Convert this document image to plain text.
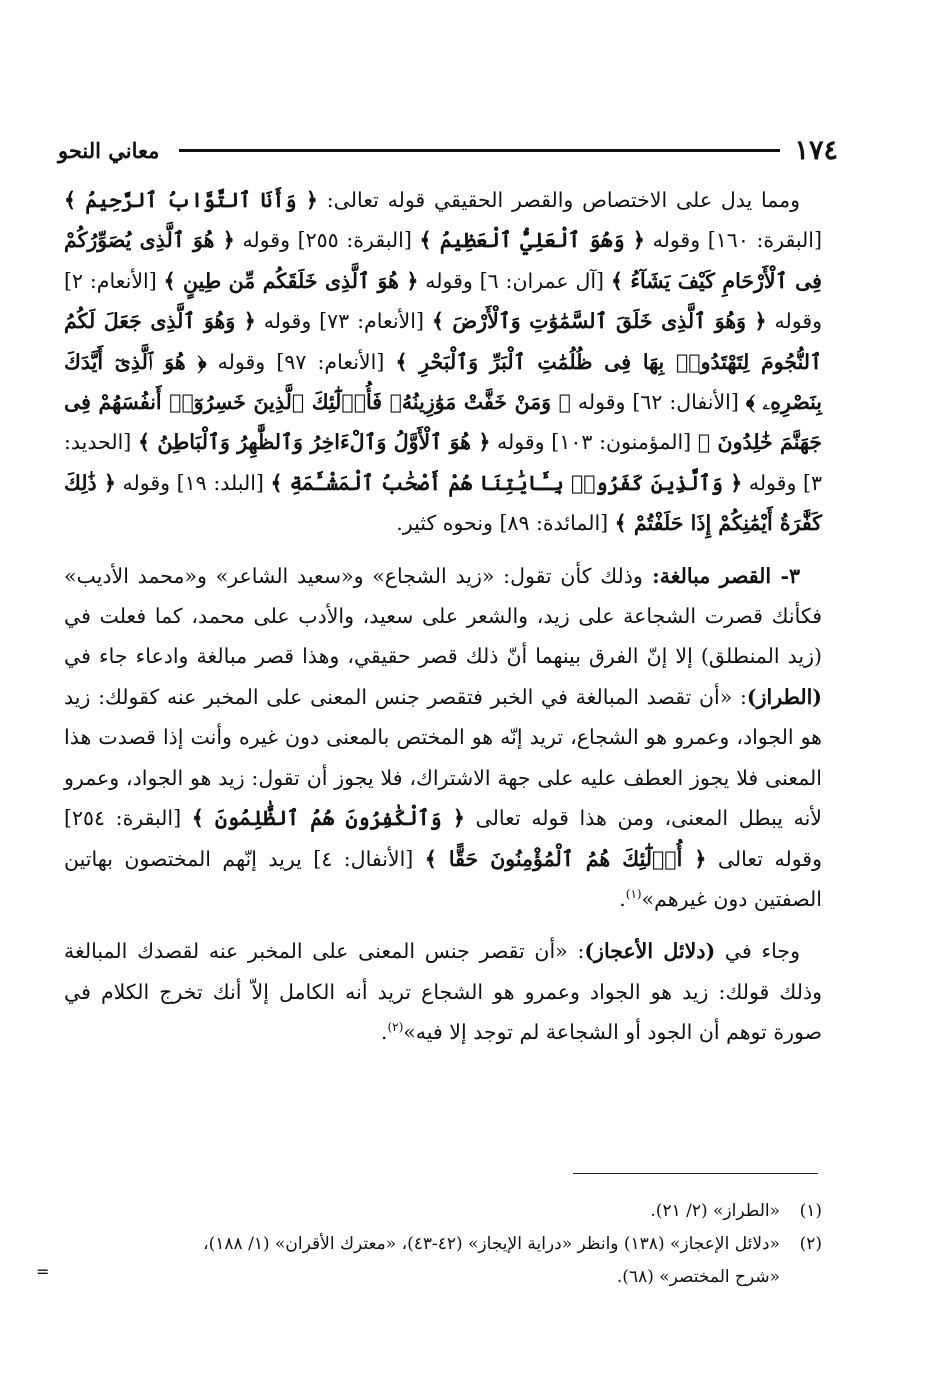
١٧٤
معاني النحو

ومما يدل على الاختصاص والقصر الحقيقي قوله تعالى: ﴿ وَأَنَا ٱلتَّوَّابُ ٱلرَّحِيمُ ﴾ [البقرة: ١٦٠] وقوله ﴿ وَهُوَ ٱلْعَلِيُّ ٱلْعَظِيمُ ﴾ [البقرة: ٢٥٥] وقوله ﴿ هُوَ ٱلَّذِى يُصَوِّرُكُمْ فِى ٱلْأَرْحَامِ كَيْفَ يَشَآءُ ﴾ [آل عمران: ٦] وقوله ﴿ هُوَ ٱلَّذِى خَلَقَكُم مِّن طِينٍ ﴾ [الأنعام: ٢] وقوله ﴿ وَهُوَ ٱلَّذِى خَلَقَ ٱلسَّمَٰوَٰتِ وَٱلْأَرْضَ ﴾ [الأنعام: ٧٣] وقوله ﴿ وَهُوَ ٱلَّذِى جَعَلَ لَكُمُ ٱلنُّجُومَ لِتَهْتَدُوا۟ بِهَا فِى ظُلُمَٰتِ ٱلْبَرِّ وَٱلْبَحْرِ ﴾ [الأنعام: ٩٧] وقوله ﴿ هُوَ ٱلَّذِىٓ أَيَّدَكَ بِنَصْرِهِۦ ﴾ [الأنفال: ٦٢] وقوله ﴿ وَمَنْ خَفَّتْ مَوَٰزِينُهُۥ فَأُو۟لَٰٓئِكَ ٱلَّذِينَ خَسِرُوٓا۟ أَنفُسَهُمْ فِى جَهَنَّمَ خَٰلِدُونَ ﴾ [المؤمنون: ١٠٣] وقوله ﴿ هُوَ ٱلْأَوَّلُ وَٱلْءَاخِرُ وَٱلظَّٰهِرُ وَٱلْبَاطِنُ ﴾ [الحديد: ٣] وقوله ﴿ وَٱلَّذِينَ كَفَرُوا۟ بِـَٔايَٰتِنَا هُمْ أَصْحَٰبُ ٱلْمَشْـَٔمَةِ ﴾ [البلد: ١٩] وقوله ﴿ ذَٰلِكَ كَفَّٰرَةُ أَيْمَٰنِكُمْ إِذَا حَلَفْتُمْ ﴾ [المائدة: ٨٩] ونحوه كثير.

٣- القصر مبالغة: وذلك كأن تقول: «زيد الشجاع» و«سعيد الشاعر» و«محمد الأديب» فكأنك قصرت الشجاعة على زيد، والشعر على سعيد، والأدب على محمد، كما فعلت في (زيد المنطلق) إلا إنّ الفرق بينهما أنّ ذلك قصر حقيقي، وهذا قصر مبالغة وادعاء جاء في (الطراز): «أن تقصد المبالغة في الخبر فتقصر جنس المعنى على المخبر عنه كقولك: زيد هو الجواد، وعمرو هو الشجاع، تريد إنّه هو المختص بالمعنى دون غيره وأنت إذا قصدت هذا المعنى فلا يجوز العطف عليه على جهة الاشتراك، فلا يجوز أن تقول: زيد هو الجواد، وعمرو لأنه يبطل المعنى، ومن هذا قوله تعالى ﴿ وَٱلْكَٰفِرُونَ هُمُ ٱلظَّٰلِمُونَ ﴾ [البقرة: ٢٥٤] وقوله تعالى ﴿ أُو۟لَٰٓئِكَ هُمُ ٱلْمُؤْمِنُونَ حَقًّا ﴾ [الأنفال: ٤] يريد إنّهم المختصون بهاتين الصفتين دون غيرهم»$^{(١)}$.

وجاء في (دلائل الأعجاز): «أن تقصر جنس المعنى على المخبر عنه لقصدك المبالغة وذلك قولك: زيد هو الجواد وعمرو هو الشجاع تريد أنه الكامل إلاّ أنك تخرج الكلام في صورة توهم أن الجود أو الشجاعة لم توجد إلا فيه»$^{(٢)}$.

(١)«الطراز» (٢/ ٢١).

(٢)«دلائل الإعجاز» (١٣٨) وانظر «دراية الإيجاز» (٤٢-٤٣)، «معترك الأقران» (١/ ١٨٨)،

«شرح المختصر» (٦٨).

=
